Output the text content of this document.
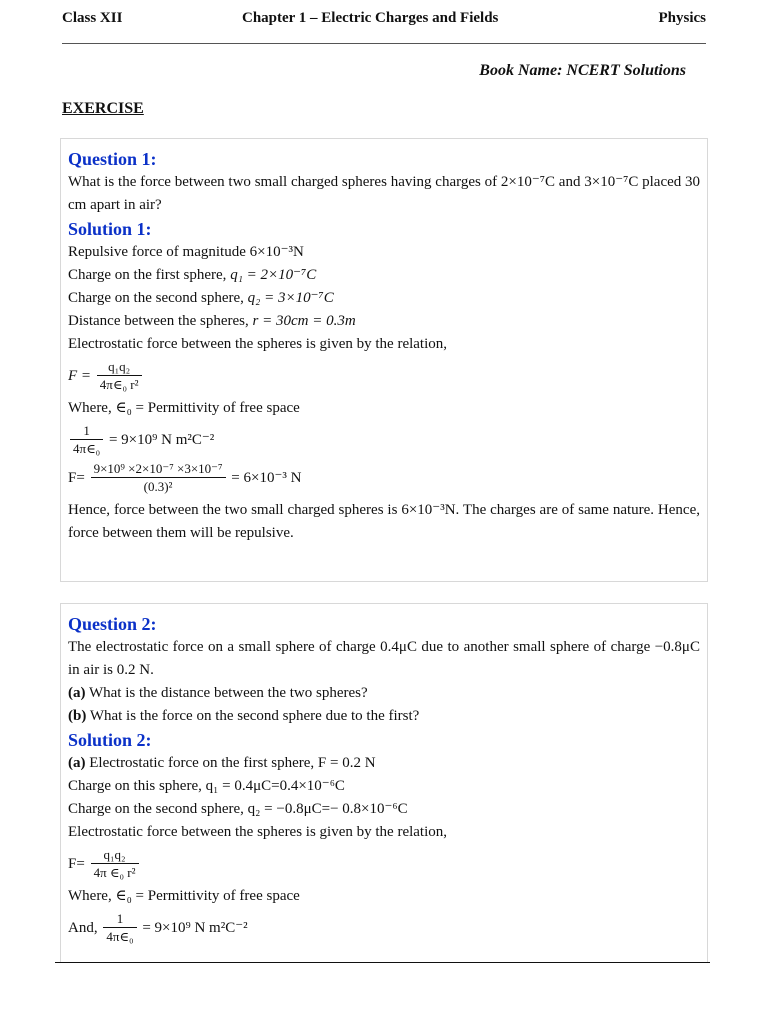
Class XII	Chapter 1 – Electric Charges and Fields	Physics
Book Name: NCERT Solutions
EXERCISE
Question 1:
What is the force between two small charged spheres having charges of 2×10⁻⁷C and 3×10⁻⁷C placed 30 cm apart in air?
Solution 1:
Repulsive force of magnitude 6×10⁻³N
Charge on the first sphere, q₁ = 2×10⁻⁷C
Charge on the second sphere, q₂ = 3×10⁻⁷C
Distance between the spheres, r = 30cm = 0.3m
Electrostatic force between the spheres is given by the relation,
$F = \frac{\text{q₁q₂}}{\text{4π∈₀ r²}}$
Where, ∈₀ = Permittivity of free space
$\frac{1}{\text{4π∈₀}} = 9\times 10^9$ N m²C⁻²
$F= \frac{\text{9×10⁹ ×2×10⁻⁷ ×3×10⁻⁷}}{\text{(0.3)²}} = 6\times 10^{-3}$ N
Hence, force between the two small charged spheres is 6×10⁻³N. The charges are of same nature. Hence, force between them will be repulsive.
Question 2:
The electrostatic force on a small sphere of charge 0.4μC due to another small sphere of charge −0.8μC in air is 0.2 N.
(a) What is the distance between the two spheres?
(b) What is the force on the second sphere due to the first?
Solution 2:
(a) Electrostatic force on the first sphere, F = 0.2 N
Charge on this sphere, q₁ = 0.4μC=0.4×10⁻⁶C
Charge on the second sphere, q₂ = −0.8μC=− 0.8×10⁻⁶C
Electrostatic force between the spheres is given by the relation,
$F= \frac{\text{q₁q₂}}{\text{4π ∈₀ r²}}$
Where, ∈₀ = Permittivity of free space
And, $\frac{1}{\text{4π∈₀}} = 9\times 10^9$ N m²C⁻²
